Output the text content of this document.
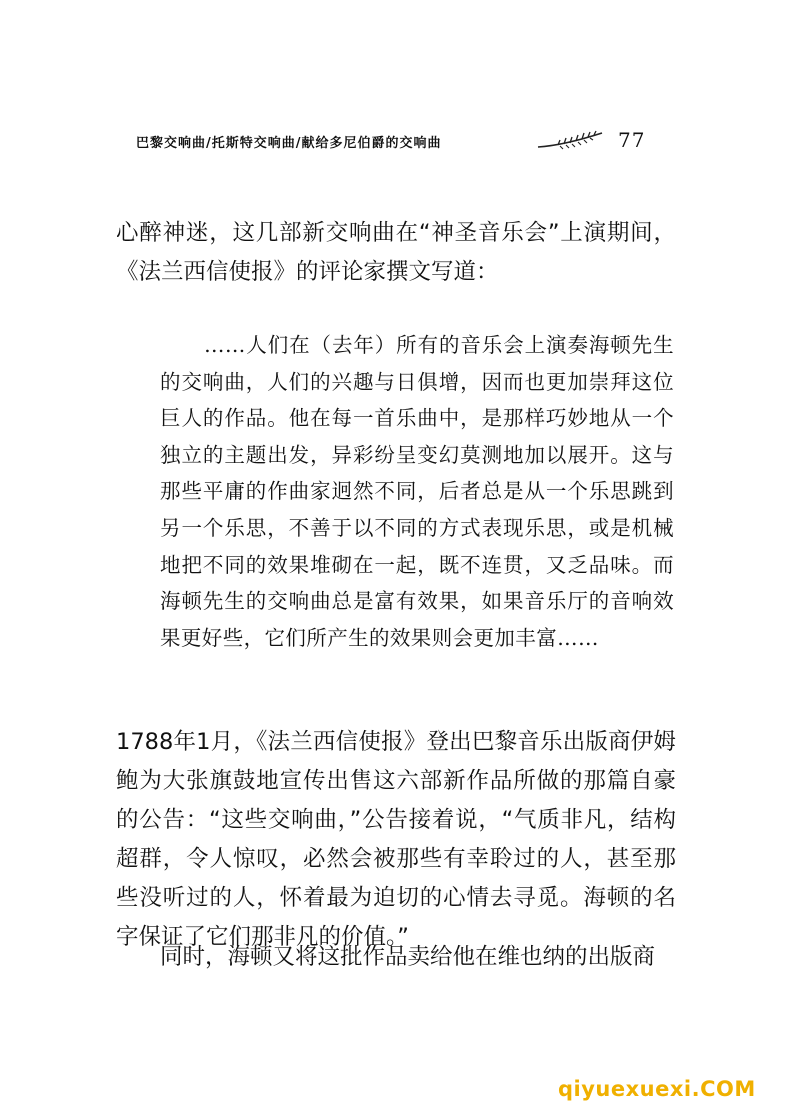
巴黎交响曲/托斯特交响曲/献给多尼伯爵的交响曲	77

心醉神迷，这几部新交响曲在“神圣音乐会”上演期间，《法兰西信使报》的评论家撰文写道：

……人们在（去年）所有的音乐会上演奏海顿先生的交响曲，人们的兴趣与日俱增，因而也更加崇拜这位巨人的作品。他在每一首乐曲中，是那样巧妙地从一个独立的主题出发，异彩纷呈变幻莫测地加以展开。这与那些平庸的作曲家迥然不同，后者总是从一个乐思跳到另一个乐思，不善于以不同的方式表现乐思，或是机械地把不同的效果堆砌在一起，既不连贯，又乏品味。而海顿先生的交响曲总是富有效果，如果音乐厅的音响效果更好些，它们所产生的效果则会更加丰富……

1788年1月，《法兰西信使报》登出巴黎音乐出版商伊姆鲍为大张旗鼓地宣传出售这六部新作品所做的那篇自豪的公告：“这些交响曲，”公告接着说，“气质非凡，结构超群，令人惊叹，必然会被那些有幸聆过的人，甚至那些没听过的人，怀着最为迫切的心情去寻觅。海顿的名字保证了它们那非凡的价值。”

同时，海顿又将这批作品卖给他在维也纳的出版商

qiyuexuexi.COM
